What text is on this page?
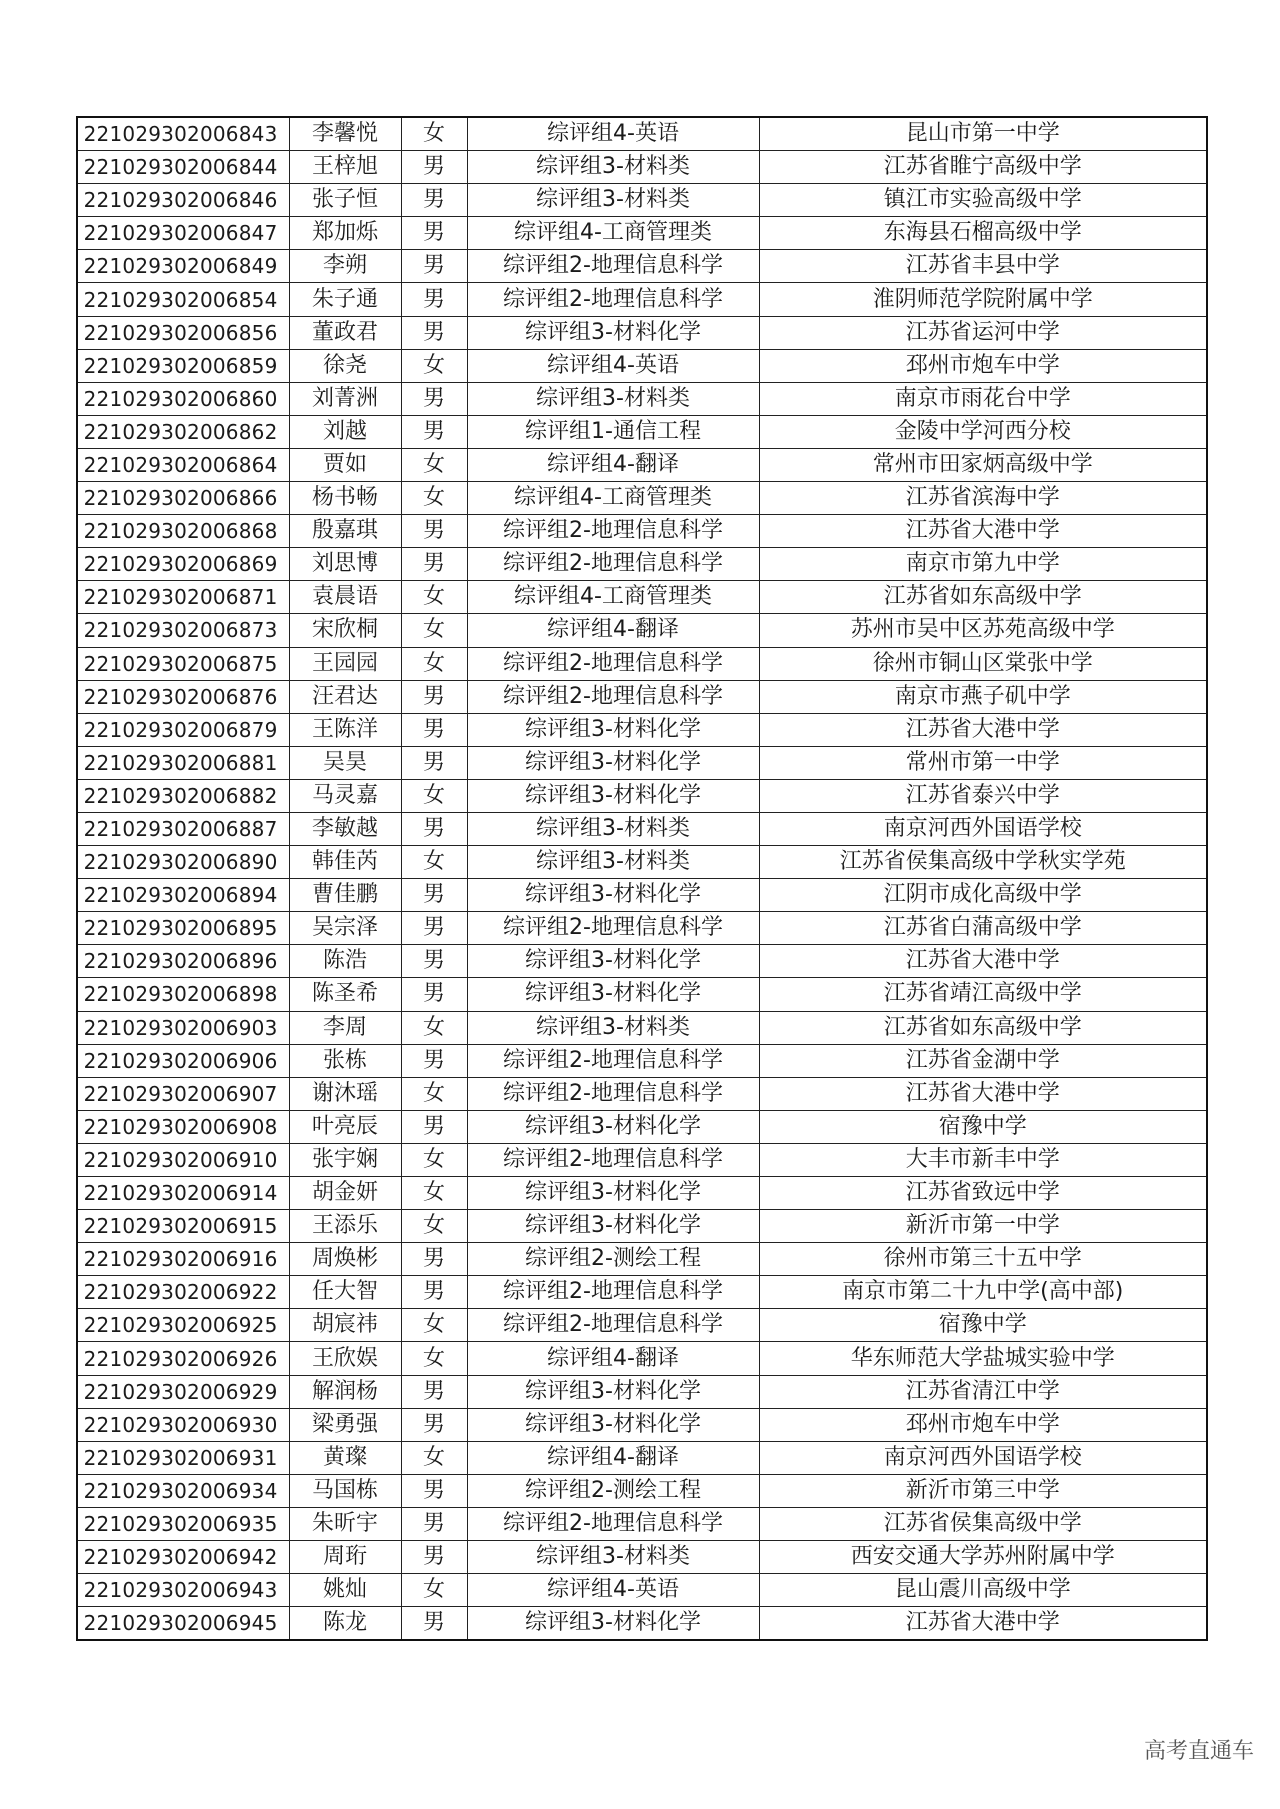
221029302006843	李馨悦	女	综评组4-英语	昆山市第一中学
221029302006844	王梓旭	男	综评组3-材料类	江苏省睢宁高级中学
221029302006846	张子恒	男	综评组3-材料类	镇江市实验高级中学
221029302006847	郑加烁	男	综评组4-工商管理类	东海县石榴高级中学
221029302006849	李朔	男	综评组2-地理信息科学	江苏省丰县中学
221029302006854	朱子通	男	综评组2-地理信息科学	淮阴师范学院附属中学
221029302006856	董政君	男	综评组3-材料化学	江苏省运河中学
221029302006859	徐尧	女	综评组4-英语	邳州市炮车中学
221029302006860	刘菁洲	男	综评组3-材料类	南京市雨花台中学
221029302006862	刘越	男	综评组1-通信工程	金陵中学河西分校
221029302006864	贾如	女	综评组4-翻译	常州市田家炳高级中学
221029302006866	杨书畅	女	综评组4-工商管理类	江苏省滨海中学
221029302006868	殷嘉琪	男	综评组2-地理信息科学	江苏省大港中学
221029302006869	刘思博	男	综评组2-地理信息科学	南京市第九中学
221029302006871	袁晨语	女	综评组4-工商管理类	江苏省如东高级中学
221029302006873	宋欣桐	女	综评组4-翻译	苏州市吴中区苏苑高级中学
221029302006875	王园园	女	综评组2-地理信息科学	徐州市铜山区棠张中学
221029302006876	汪君达	男	综评组2-地理信息科学	南京市燕子矶中学
221029302006879	王陈洋	男	综评组3-材料化学	江苏省大港中学
221029302006881	吴昊	男	综评组3-材料化学	常州市第一中学
221029302006882	马灵嘉	女	综评组3-材料化学	江苏省泰兴中学
221029302006887	李敏越	男	综评组3-材料类	南京河西外国语学校
221029302006890	韩佳芮	女	综评组3-材料类	江苏省侯集高级中学秋实学苑
221029302006894	曹佳鹏	男	综评组3-材料化学	江阴市成化高级中学
221029302006895	吴宗泽	男	综评组2-地理信息科学	江苏省白蒲高级中学
221029302006896	陈浩	男	综评组3-材料化学	江苏省大港中学
221029302006898	陈圣希	男	综评组3-材料化学	江苏省靖江高级中学
221029302006903	李周	女	综评组3-材料类	江苏省如东高级中学
221029302006906	张栋	男	综评组2-地理信息科学	江苏省金湖中学
221029302006907	谢沐瑶	女	综评组2-地理信息科学	江苏省大港中学
221029302006908	叶亮辰	男	综评组3-材料化学	宿豫中学
221029302006910	张宇娴	女	综评组2-地理信息科学	大丰市新丰中学
221029302006914	胡金妍	女	综评组3-材料化学	江苏省致远中学
221029302006915	王添乐	女	综评组3-材料化学	新沂市第一中学
221029302006916	周焕彬	男	综评组2-测绘工程	徐州市第三十五中学
221029302006922	任大智	男	综评组2-地理信息科学	南京市第二十九中学(高中部)
221029302006925	胡宸祎	女	综评组2-地理信息科学	宿豫中学
221029302006926	王欣娱	女	综评组4-翻译	华东师范大学盐城实验中学
221029302006929	解润杨	男	综评组3-材料化学	江苏省清江中学
221029302006930	梁勇强	男	综评组3-材料化学	邳州市炮车中学
221029302006931	黄璨	女	综评组4-翻译	南京河西外国语学校
221029302006934	马国栋	男	综评组2-测绘工程	新沂市第三中学
221029302006935	朱昕宇	男	综评组2-地理信息科学	江苏省侯集高级中学
221029302006942	周珩	男	综评组3-材料类	西安交通大学苏州附属中学
221029302006943	姚灿	女	综评组4-英语	昆山震川高级中学
221029302006945	陈龙	男	综评组3-材料化学	江苏省大港中学
高考直通车
